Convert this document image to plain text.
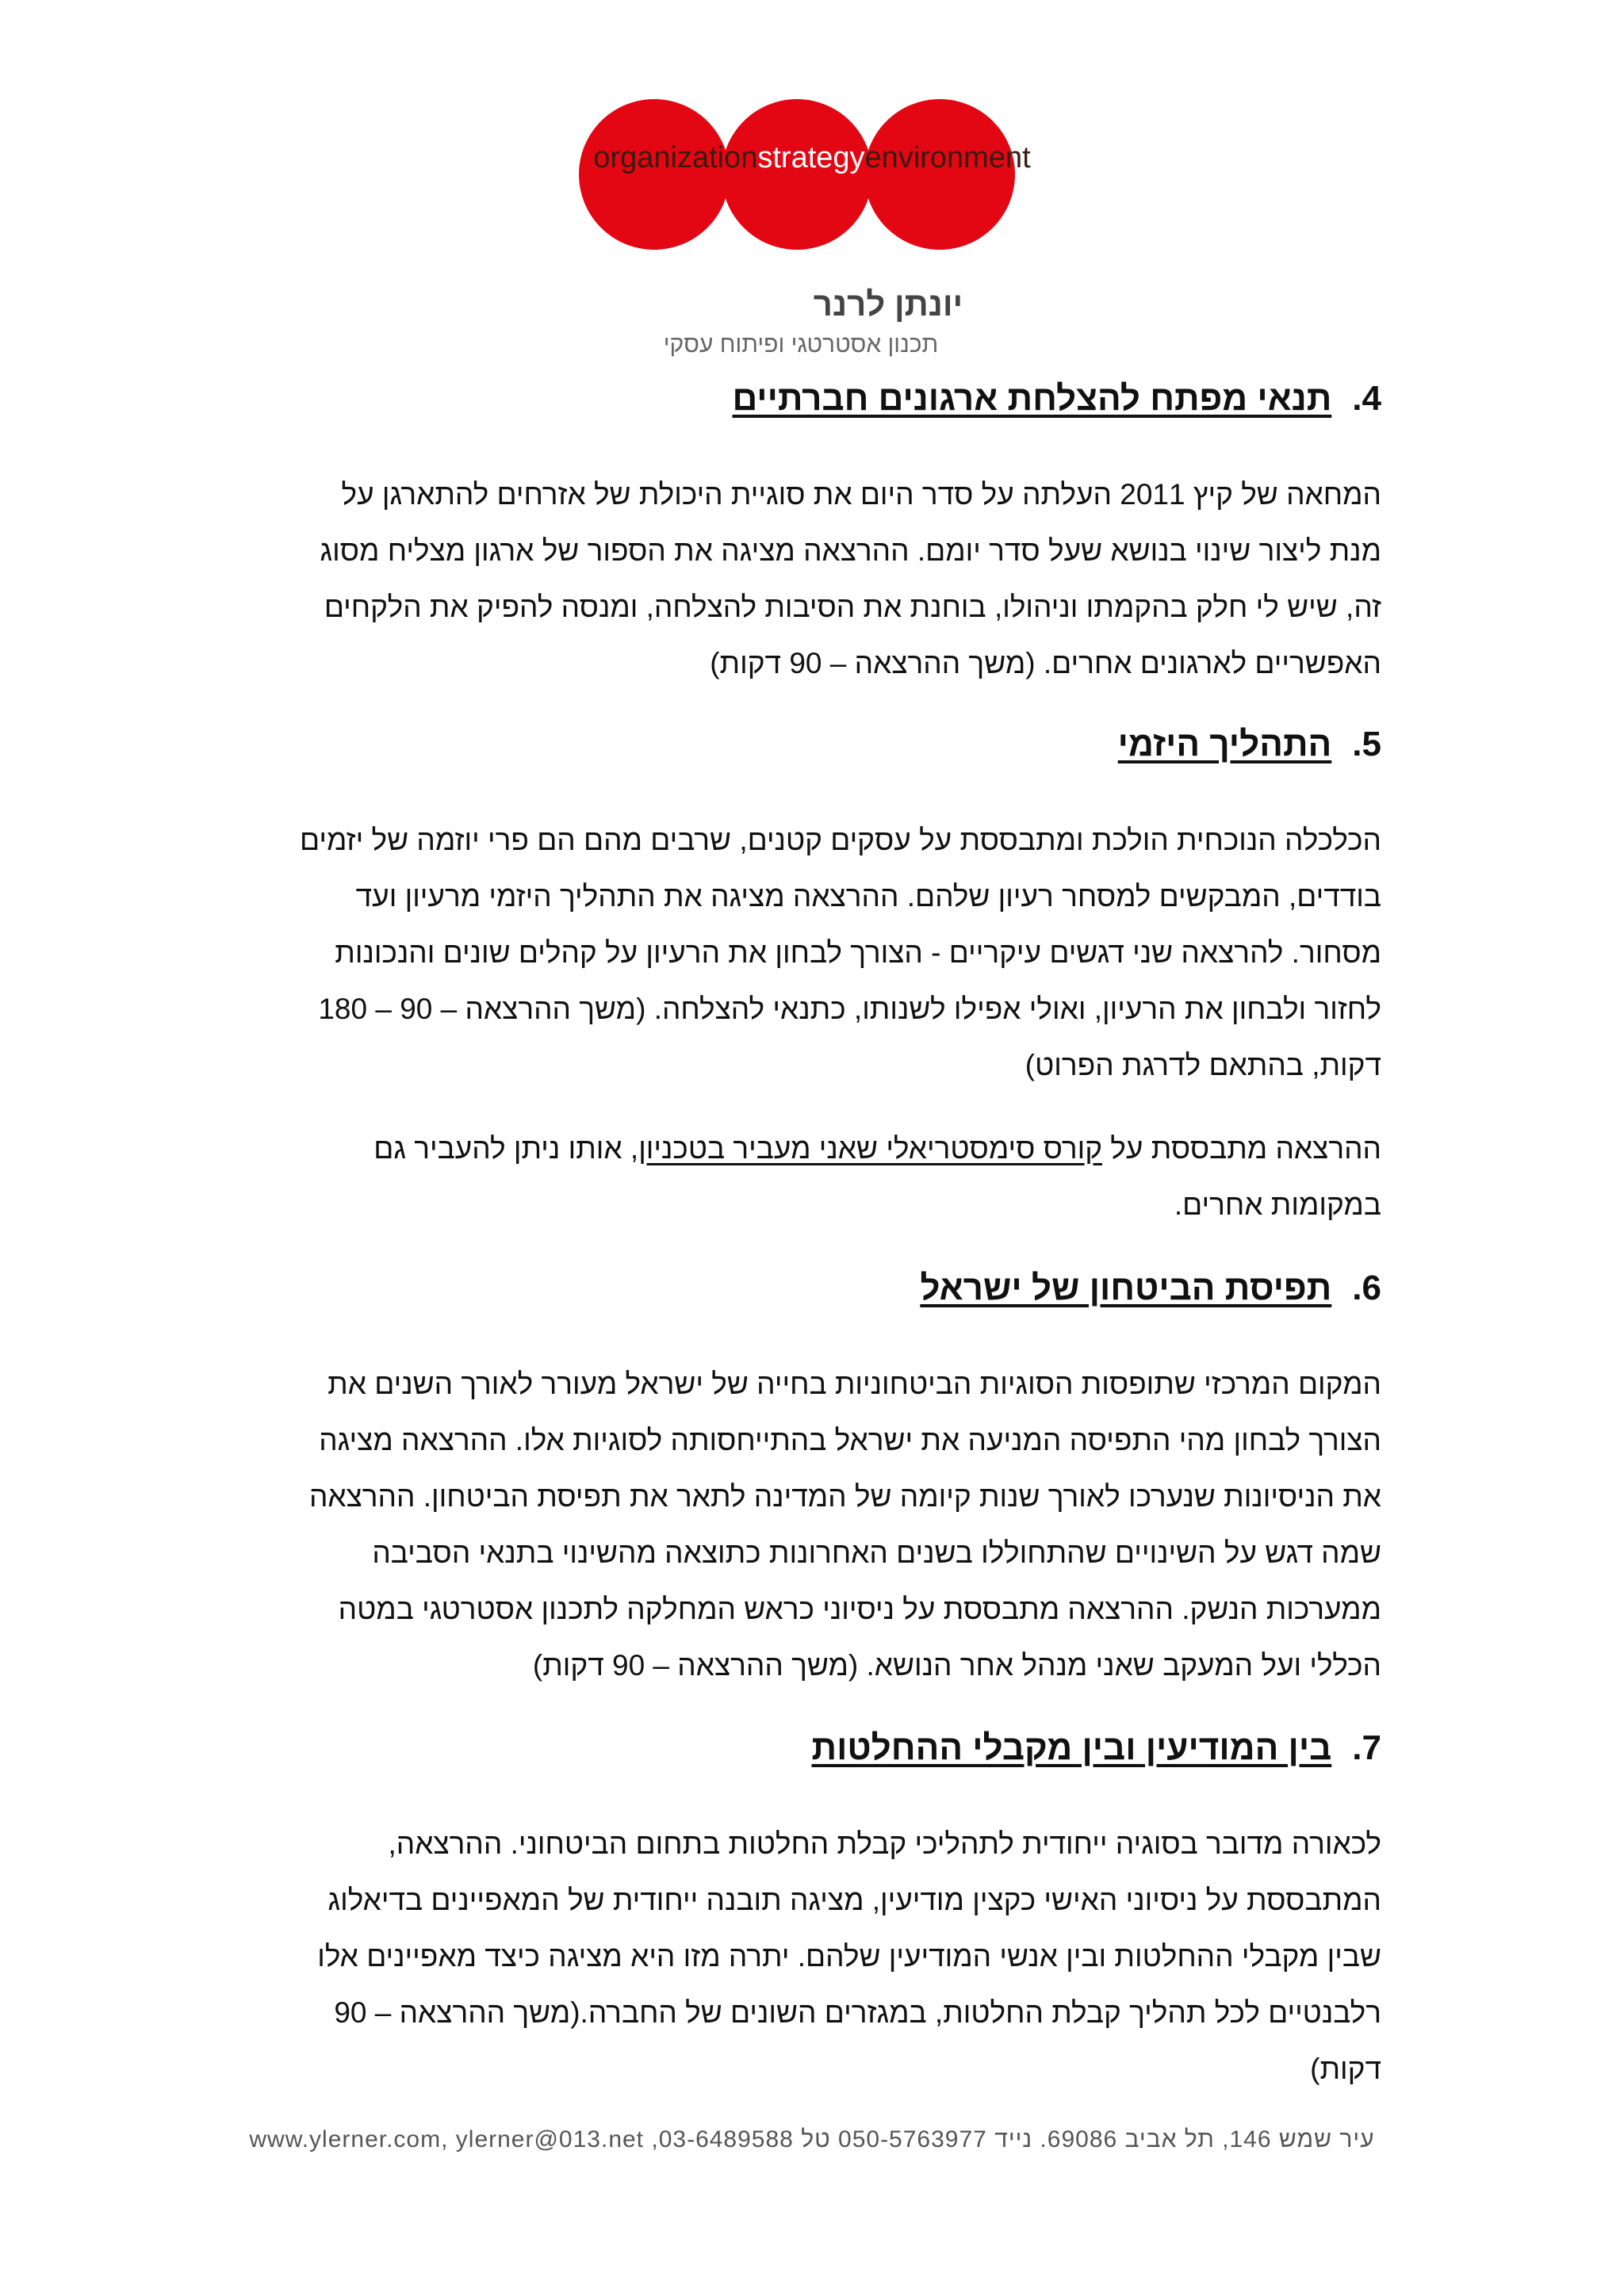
organizationstrategyenvironment
יונתן לרנר
תכנון אסטרטגי ופיתוח עסקי
4.
תנאי מפתח להצלחת ארגונים חברתיים

המחאה של קיץ 2011 העלתה על סדר היום את סוגיית היכולת של אזרחים להתארגן על
מנת ליצור שינוי בנושא שעל סדר יומם. ההרצאה מציגה את הספור של ארגון מצליח מסוג
זה, שיש לי חלק בהקמתו וניהולו, בוחנת את הסיבות להצלחה, ומנסה להפיק את הלקחים
האפשריים לארגונים אחרים. (משך ההרצאה – 90 דקות)

5.
התהליך היזמי

הכלכלה הנוכחית הולכת ומתבססת על עסקים קטנים, שרבים מהם הם פרי יוזמה של יזמים
בודדים, המבקשים למסחר רעיון שלהם. ההרצאה מציגה את התהליך היזמי מרעיון ועד
מסחור. להרצאה שני דגשים עיקריים - הצורך לבחון את הרעיון על קהלים שונים והנכונות
לחזור ולבחון את הרעיון, ואולי אפילו לשנותו, כתנאי להצלחה. (משך ההרצאה – 90 – 180
דקות, בהתאם לדרגת הפרוט)

ההרצאה מתבססת על קורס סימסטריאלי שאני מעביר בטכניון, אותו ניתן להעביר גם
במקומות אחרים.

6.
תפיסת הביטחון של ישראל

המקום המרכזי שתופסות הסוגיות הביטחוניות בחייה של ישראל מעורר לאורך השנים את
הצורך לבחון מהי התפיסה המניעה את ישראל בהתייחסותה לסוגיות אלו. ההרצאה מציגה
את הניסיונות שנערכו לאורך שנות קיומה של המדינה לתאר את תפיסת הביטחון. ההרצאה
שמה דגש על השינויים שהתחוללו בשנים האחרונות כתוצאה מהשינוי בתנאי הסביבה
ממערכות הנשק. ההרצאה מתבססת על ניסיוני כראש המחלקה לתכנון אסטרטגי במטה
הכללי ועל המעקב שאני מנהל אחר הנושא. (משך ההרצאה – 90 דקות)

7.
בין המודיעין ובין מקבלי ההחלטות

לכאורה מדובר בסוגיה ייחודית לתהליכי קבלת החלטות בתחום הביטחוני. ההרצאה,
המתבססת על ניסיוני האישי כקצין מודיעין, מציגה תובנה ייחודית של המאפיינים בדיאלוג
שבין מקבלי ההחלטות ובין אנשי המודיעין שלהם. יתרה מזו היא מציגה כיצד מאפיינים אלו
רלבנטיים לכל תהליך קבלת החלטות, במגזרים השונים של החברה.(משך ההרצאה – 90
דקות)

עיר שמש 146, תל אביב 69086. נייד 050-5763977 טל 03-6489588, www.ylerner.com, ylerner@013.net
